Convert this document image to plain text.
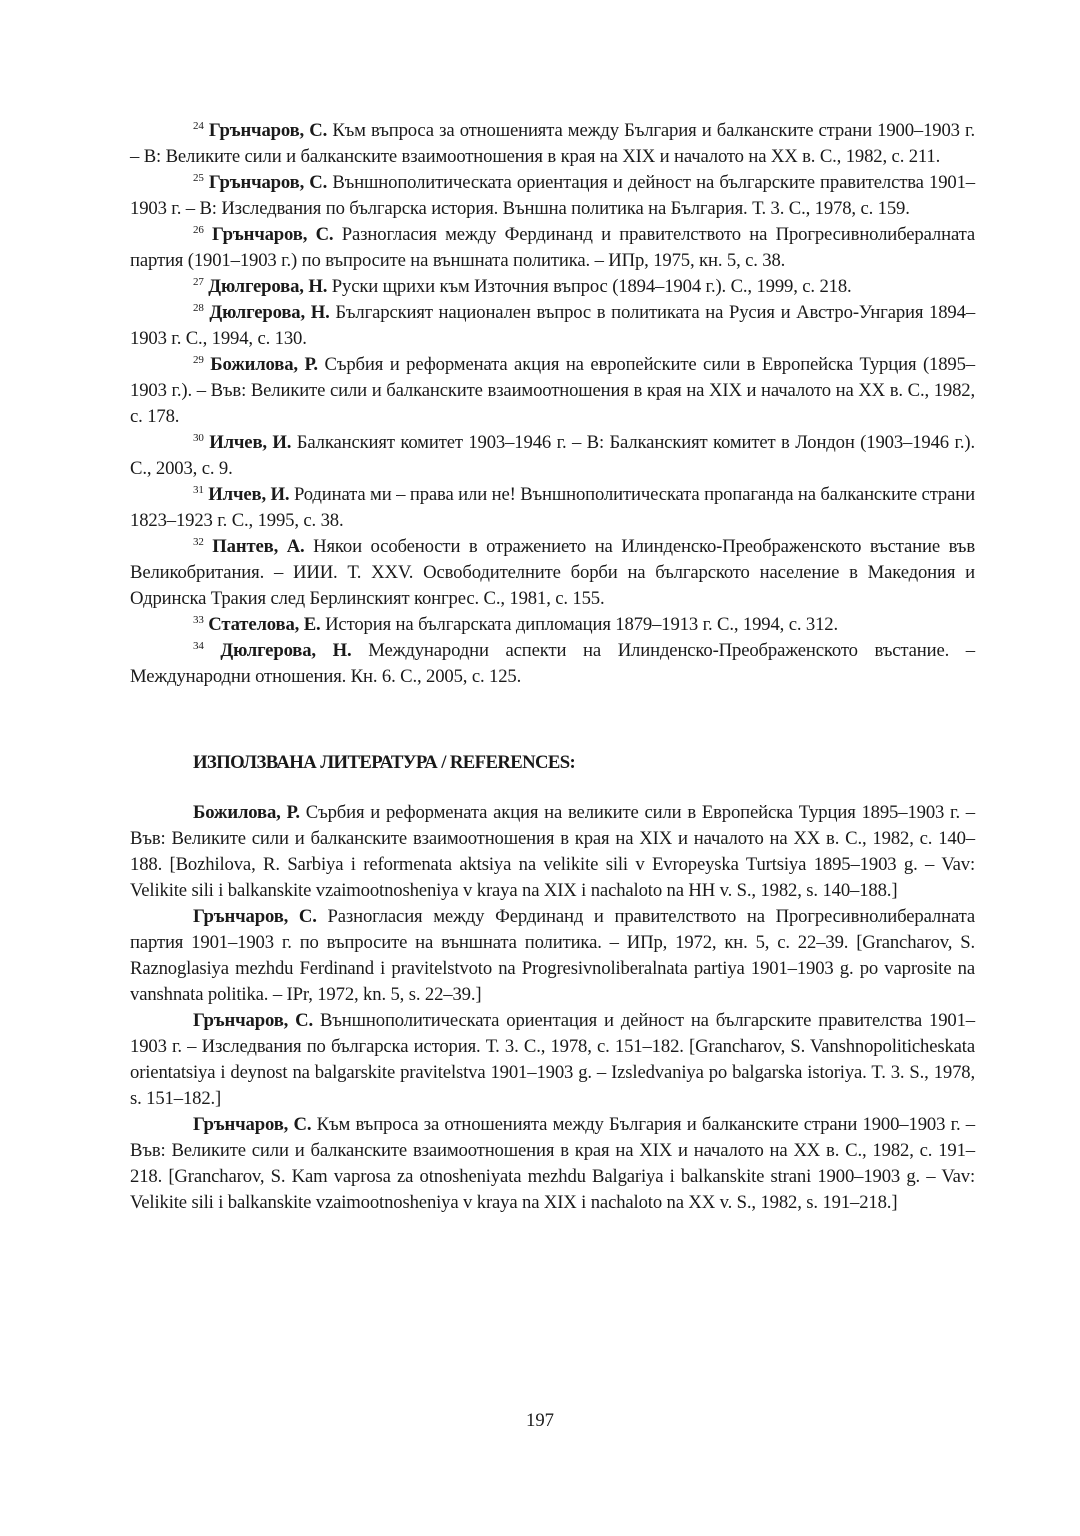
$^{24}$ Грънчаров, С. Към въпроса за отношенията между България и балканските страни 1900–1903 г. – В: Великите сили и балканските взаимоотношения в края на ХІХ и началото на ХХ в. С., 1982, с. 211.

$^{25}$ Грънчаров, С. Външнополитическата ориентация и дейност на българските правителства 1901–1903 г. – В: Изследвания по българска история. Външна политика на България. Т. 3. С., 1978, с. 159.

$^{26}$ Грънчаров, С. Разногласия между Фердинанд и правителството на Прогресивнолибералната партия (1901–1903 г.) по въпросите на външната политика. – ИПр, 1975, кн. 5, с. 38.

$^{27}$ Дюлгерова, Н. Руски щрихи към Източния въпрос (1894–1904 г.). С., 1999, с. 218.

$^{28}$ Дюлгерова, Н. Българският национален въпрос в политиката на Русия и Австро-Унгария 1894–1903 г. С., 1994, с. 130.

$^{29}$ Божилова, Р. Сърбия и реформената акция на европейските сили в Европейска Турция (1895–1903 г.). – Във: Великите сили и балканските взаимоотношения в края на ХІХ и началото на ХХ в. С., 1982, с. 178.

$^{30}$ Илчев, И. Балканският комитет 1903–1946 г. – В: Балканският комитет в Лондон (1903–1946 г.). С., 2003, с. 9.

$^{31}$ Илчев, И. Родината ми – права или не! Външнополитическата пропаганда на балканските страни 1823–1923 г. С., 1995, с. 38.

$^{32}$ Пантев, А. Някои особености в отражението на Илинденско-Преображенското въстание във Великобритания. – ИИИ. Т. XXV. Освободителните борби на българското население в Македония и Одринска Тракия след Берлинският конгрес. С., 1981, с. 155.

$^{33}$ Стателова, Е. История на българската дипломация 1879–1913 г. С., 1994, с. 312.

$^{34}$ Дюлгерова, Н. Международни аспекти на Илинденско-Преображенското въстание. – Международни отношения. Кн. 6. С., 2005, с. 125.

ИЗПОЛЗВАНА ЛИТЕРАТУРА / REFERENCES:

Божилова, Р. Сърбия и реформената акция на великите сили в Европейска Турция 1895–1903 г. – Във: Великите сили и балканските взаимоотношения в края на ХІХ и началото на ХХ в. С., 1982, с. 140–188. [Bozhilova, R. Sarbiya i reformenata aktsiya na velikite sili v Evropeyska Turtsiya 1895–1903 g. – Vav: Velikite sili i balkanskite vzaimootnosheniya v kraya na XIX i nachaloto na HH v. S., 1982, s. 140–188.]

Грънчаров, С. Разногласия между Фердинанд и правителството на Прогресивнолибералната партия 1901–1903 г. по въпросите на външната политика. – ИПр, 1972, кн. 5, с. 22–39. [Grancharov, S. Raznoglasiya mezhdu Ferdinand i pravitelstvoto na Progresivnoliberalnata partiya 1901–1903 g. po vaprosite na vanshnata politika. – IPr, 1972, kn. 5, s. 22–39.]

Грънчаров, С. Външнополитическата ориентация и дейност на българските правителства 1901–1903 г. – Изследвания по българска история. Т. 3. С., 1978, с. 151–182. [Grancharov, S. Vanshnopoliticheskata orientatsiya i deynost na balgarskite pravitelstva 1901–1903 g. – Izsledvaniya po balgarska istoriya. T. 3. S., 1978, s. 151–182.]

Грънчаров, С. Към въпроса за отношенията между България и балканските страни 1900–1903 г. – Във: Великите сили и балканските взаимоотношения в края на ХІХ и началото на ХХ в. С., 1982, с. 191–218. [Grancharov, S. Kam vaprosa za otnosheniyata mezhdu Balgariya i balkanskite strani 1900–1903 g. – Vav: Velikite sili i balkanskite vzaimootnosheniya v kraya na XIX i nachaloto na XX v. S., 1982, s. 191–218.]

197
